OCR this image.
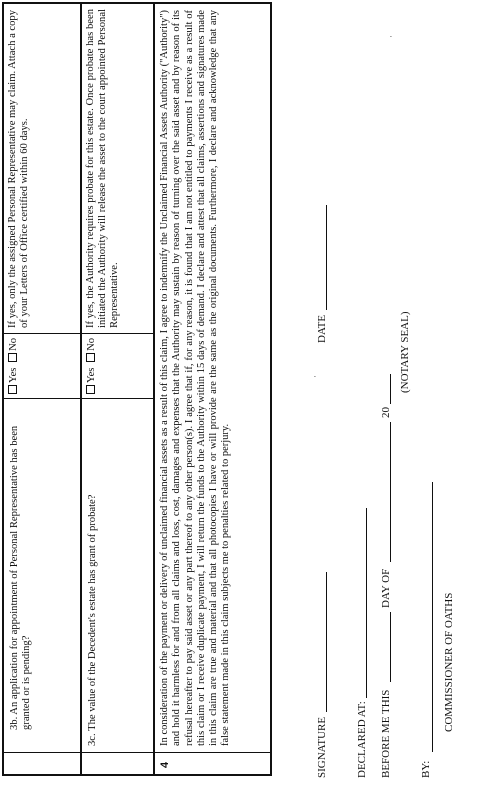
3b. An application for appointment of Personal Representative has been granted or is pending?
Yes No
If yes, only the assigned Personal Representative may claim. Attach a copy of your Letters of Office certified within 60 days.
3c. The value of the Decedent's estate has grant of probate?
Yes No
If yes, the Authority requires probate for this estate. Once probate has been initiated the Authority will release the asset to the court appointed Personal Representative.
4
In consideration of the payment or delivery of unclaimed financial assets as a result of this claim, I agree to indemnify the Unclaimed Financial Assets Authority ("Authority") and hold it harmless for and from all claims and loss, cost, damages and expenses that the Authority may sustain by reason of turning over the said asset and by reason of its refusal hereafter to pay said asset or any part thereof to any other person(s). I agree that if, for any reason, it is found that I am not entitled to payments I receive as a result of this claim or I receive duplicate payment, I will return the funds to the Authority within 15 days of demand. I declare and attest that all claims, assertions and signatures made in this claim are true and material and that all photocopies I have or will provide are the same as the original documents. Furthermore, I declare and acknowledge that any false statement made in this claim subjects me to penalties related to perjury.
SIGNATURE
DATE
DECLARED AT: BEFORE ME THIS
DAY OF
20
(NOTARY SEAL)
BY:
COMMISSIONER OF OATHS
·
·
